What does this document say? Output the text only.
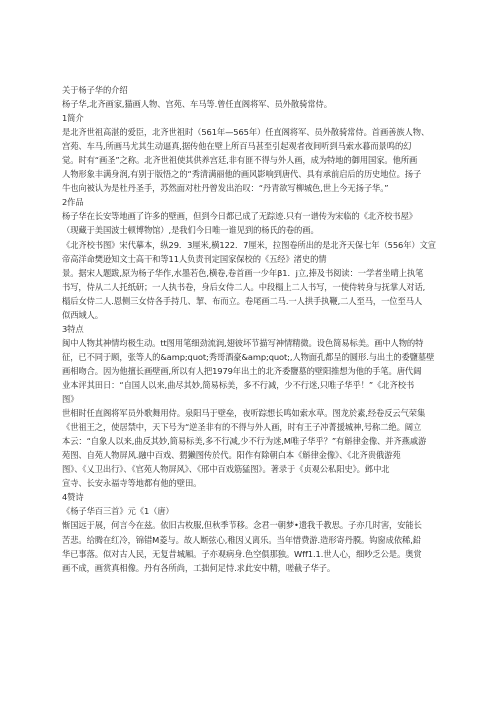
关于杨子华的介绍
杨子华,北齐画家,猫画人物、宫苑、车马等.曾任直阁将军、员外散骑常侍。
1简介
是北齐世祖高湛的爱臣，北齐世祖时（561年—565年）任直阁将军、员外散骑常侍。首画善族人物、
宫苑、车马,所画马尤其生动逼真,据传他在壁上所百马甚至引起观者夜间听到马索水暮而景鸣的幻
觉。时有“画圣”之称。北齐世祖使其供养宫廷,非有匪不得与外人画，成为特地的御用国家。他所画
人物形象丰满身润,有别于版悟之的“秀清满丽他的画风影响到唐代、具有承前启后的历史地位。扬子
牛也向被认为是杜丹圣手，苏然面对杜丹曾发出治叹：“丹青欲写柳城色,世上今无扬子华。”
2作品
杨子华在长安等地画了许多的壁画，但到今日都已成了无踪迹.只有一谱传为宋临的《北齐校书屋》
（现藏于美国波士顿博物馆）,是我们今日唯一谁见到的杨氏的卷的画。
《北齐校书图》宋代摹本，纵29．3厘米,横122．7厘米，拉图卷所出的是北齐天保七年（556年）文宣
帝高洋命樊逊知文士高干和等11人负责刊定国家保校的《五经》渚史的情
景。据宋人题跋,原为杨子华作,水墨若色,横卷,卷首画一少年β1．j立,捧及书阅读：一学者坐晴上执笔
书写，侍从二人托纸研；一人执书卷，身后女侍二人。中段榻上二人书写，一使侍转身与抚掌人对话,
榻后女侍二人.恩侧三女侍各手持几、挈、布而立。卷尾画二马.一人拱手执鞭,二人至马，一位至马人
似西域人。
3特点
闽中人物其神情均极生动。tt图用笔细劲流润,翅彼坏节描写神情精微。设色简易标美。画中人物的特
征，已不同于顾，张等人的&amp;quot;秀哥酒豪&amp;quot;,人物面孔都呈的圆形.与出土的委鹽墓壁
画相吻合。因为他擅长画壁画,所以有人把1979年出土的北齐委鹽墓的壁阳推想为他的手笔。唐代阔
业本评其田日：“自国人以来,曲尽其妙,简易标美，多不行减，少不行迷,只唯子华乎！”《北齐校书
图》
世相时任直阁将军员外歌舞用侍。泉阳马于壁垒，夜听踪想长鸣如索水草。图龙於素,经卷反云气荣集
《世祖王之，使居禁中，天下号为“逆圣非有的不得与外人画，时有王子冲菁援城神,号称二绝。阔立
本云：“自象人以来,曲反其妙,简易标美,多不行减,少不行为迷,M唯子华乎？”有斛律金像、并齐燕戚游
苑图、自苑人物屏风.融中百戏、猬獭图传於代。阳作有除朝白本《斛律金像》、《北齐贵俄游苑
图》、《乂卫出行》、《官苑人物屏风》、《邢中百戏筋猛图》。著录于《贞观公私阳史》。邺中北
宣寺、长安永福寺等地都有他的壁田。
4赞诗
《杨子华百三首》元《1（唐）
惭国远于展，何言今在兹。依旧古枚服,但秋季节移。念君一朝梦•遗我千教思。子亦几时害，安能长
苦悲。给腾在红冷，锦错M菱与。故人断弦心,稚因乂离乐。当年惜费游.造形寄丹膜。钩窗成依稀,鉛
华已事落。似对古人民，无复昔城厢。子亦观病身.色空俱那独。Wff1.1.世人心，细吵乏公是。奥赏
画不成，画赏真相像。丹有各所尚，工拙何足恃.求此安中精，嗟截子华子。
